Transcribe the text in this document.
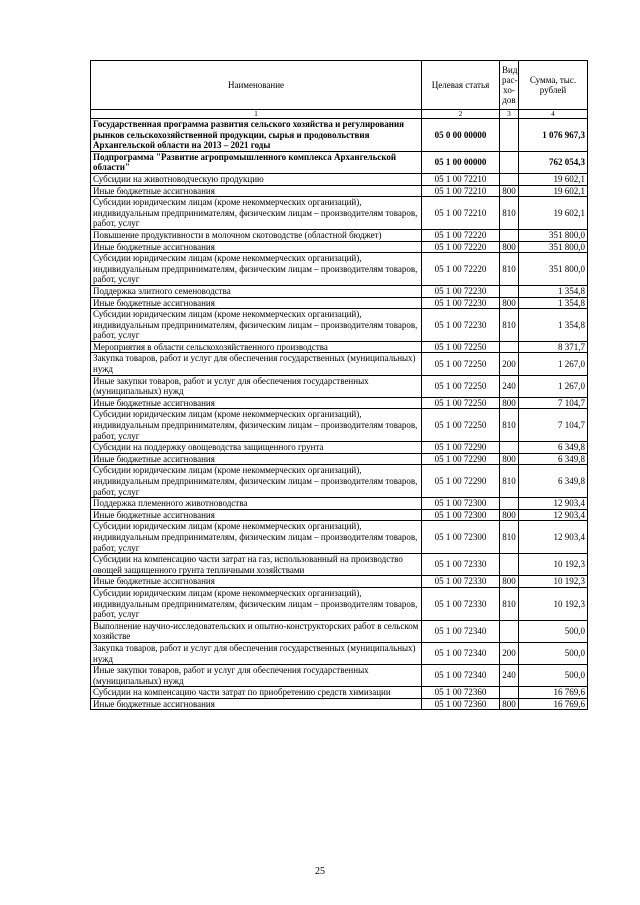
Наименование	Целевая статья	Вид рас-хо-дов	Сумма, тыс. рублей
1	2	3	4
Государственная программа развития сельского хозяйства и регулирования рынков сельскохозяйственной продукции, сырья и продовольствия Архангельской области на 2013 – 2021 годы	05 0 00 00000		1 076 967,3
Подпрограмма "Развитие агропромышленного комплекса Архангельской области"	05 1 00 00000		762 054,3
Субсидии на животноводческую продукцию	05 1 00 72210		19 602,1
Иные бюджетные ассигнования	05 1 00 72210	800	19 602,1
Субсидии юридическим лицам (кроме некоммерческих организаций), индивидуальным предпринимателям, физическим лицам – производителям товаров, работ, услуг	05 1 00 72210	810	19 602,1
Повышение продуктивности в молочном скотоводстве (областной бюджет)	05 1 00 72220		351 800,0
Иные бюджетные ассигнования	05 1 00 72220	800	351 800,0
Субсидии юридическим лицам (кроме некоммерческих организаций), индивидуальным предпринимателям, физическим лицам – производителям товаров, работ, услуг	05 1 00 72220	810	351 800,0
Поддержка элитного семеноводства	05 1 00 72230		1 354,8
Иные бюджетные ассигнования	05 1 00 72230	800	1 354,8
Субсидии юридическим лицам (кроме некоммерческих организаций), индивидуальным предпринимателям, физическим лицам – производителям товаров, работ, услуг	05 1 00 72230	810	1 354,8
Мероприятия в области сельскохозяйственного производства	05 1 00 72250		8 371,7
Закупка товаров, работ и услуг для обеспечения государственных (муниципальных) нужд	05 1 00 72250	200	1 267,0
Иные закупки товаров, работ и услуг для обеспечения государственных (муниципальных) нужд	05 1 00 72250	240	1 267,0
Иные бюджетные ассигнования	05 1 00 72250	800	7 104,7
Субсидии юридическим лицам (кроме некоммерческих организаций), индивидуальным предпринимателям, физическим лицам – производителям товаров, работ, услуг	05 1 00 72250	810	7 104,7
Субсидии на поддержку овощеводства защищенного грунта	05 1 00 72290		6 349,8
Иные бюджетные ассигнования	05 1 00 72290	800	6 349,8
Субсидии юридическим лицам (кроме некоммерческих организаций), индивидуальным предпринимателям, физическим лицам – производителям товаров, работ, услуг	05 1 00 72290	810	6 349,8
Поддержка племенного животноводства	05 1 00 72300		12 903,4
Иные бюджетные ассигнования	05 1 00 72300	800	12 903,4
Субсидии юридическим лицам (кроме некоммерческих организаций), индивидуальным предпринимателям, физическим лицам – производителям товаров, работ, услуг	05 1 00 72300	810	12 903,4
Субсидии на компенсацию части затрат на газ, использованный на производство овощей защищенного грунта тепличными хозяйствами	05 1 00 72330		10 192,3
Иные бюджетные ассигнования	05 1 00 72330	800	10 192,3
Субсидии юридическим лицам (кроме некоммерческих организаций), индивидуальным предпринимателям, физическим лицам – производителям товаров, работ, услуг	05 1 00 72330	810	10 192,3
Выполнение научно-исследовательских и опытно-конструкторских работ в сельском хозяйстве	05 1 00 72340		500,0
Закупка товаров, работ и услуг для обеспечения государственных (муниципальных) нужд	05 1 00 72340	200	500,0
Иные закупки товаров, работ и услуг для обеспечения государственных (муниципальных) нужд	05 1 00 72340	240	500,0
Субсидии на компенсацию части затрат по приобретению средств химизации	05 1 00 72360		16 769,6
Иные бюджетные ассигнования	05 1 00 72360	800	16 769,6
25
